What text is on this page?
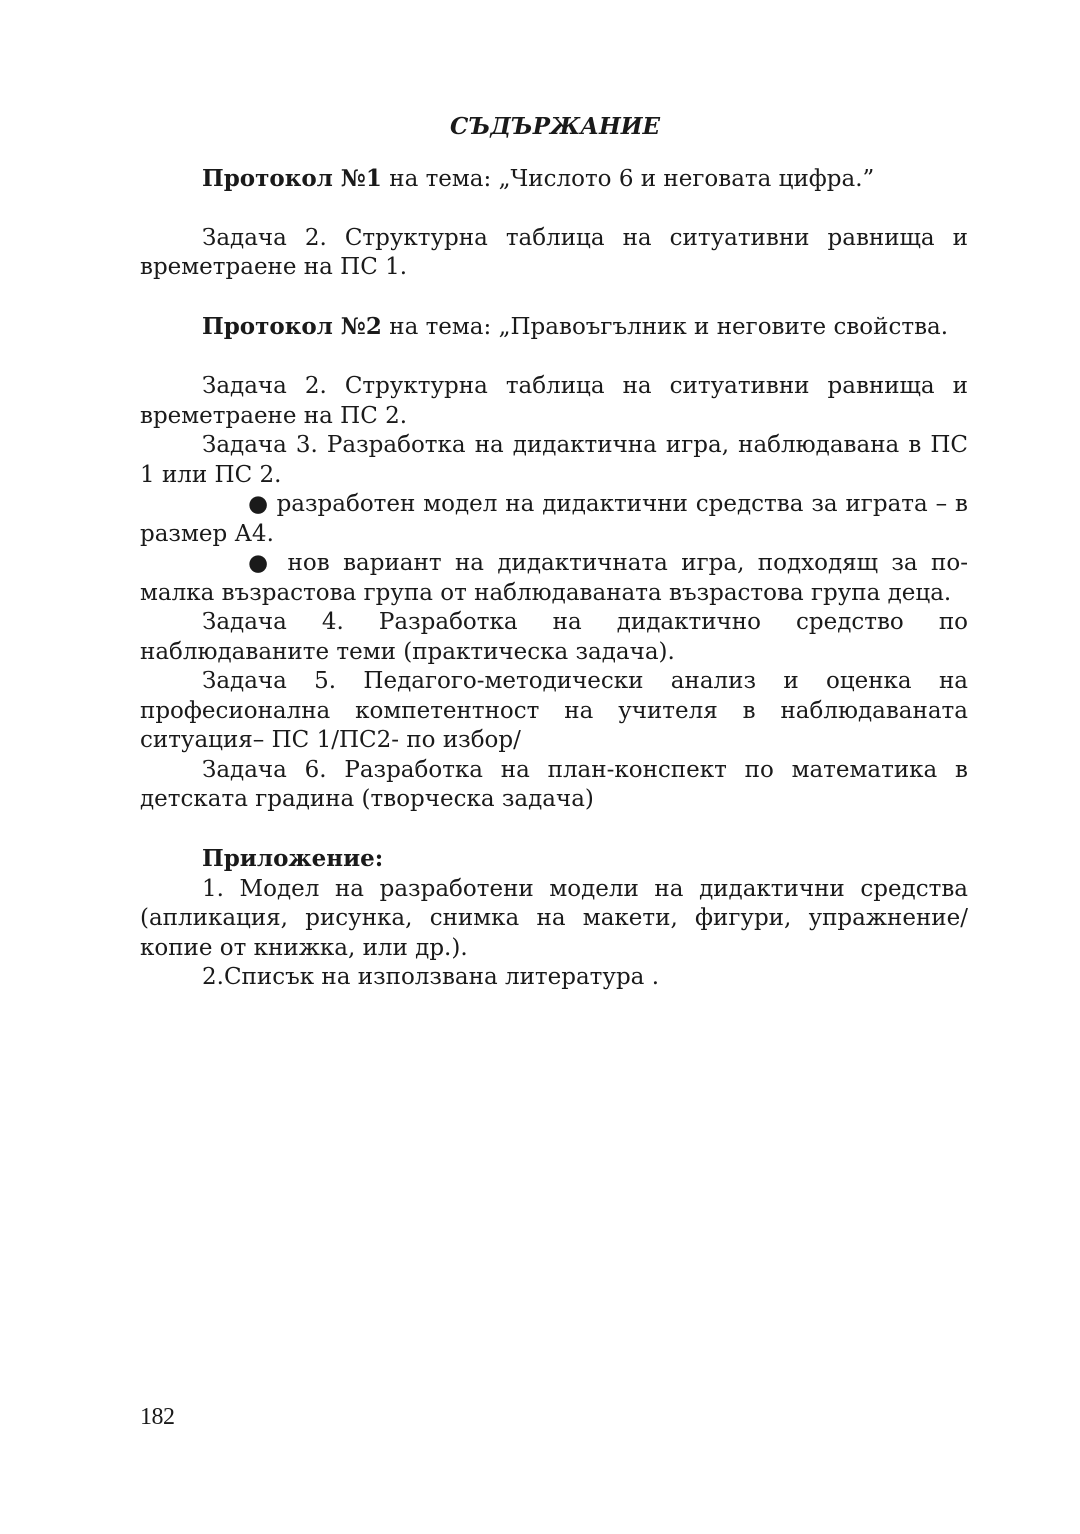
СЪДЪРЖАНИЕ

Протокол №1 на тема: „Числото 6 и неговата цифра.”

Задача 2. Структурна таблица на ситуативни равнища и времетраене на ПС 1.

Протокол №2 на тема: „Правоъгълник и неговите свойства.

Задача 2. Структурна таблица на ситуативни равнища и времетраене на ПС 2.

Задача 3. Разработка на дидактична игра, наблюдавана в ПС 1 или ПС 2.

● разработен модел на дидактични средства за играта – в размер А4.

● нов вариант на дидактичната игра, подходящ за по-малка възрастова група от наблюдаваната възрастова група деца.

Задача 4. Разработка на дидактично средство по наблюдаваните теми (практическа задача).

Задача 5. Педагого-методически анализ и оценка на професионална компетентност на учителя в наблюдаваната ситуация– ПС 1/ПС2- по избор/

Задача 6. Разработка на план-конспект по математика в детската градина (творческа задача)

Приложение:

1. Модел на разработени модели на дидактични средства (апликация, рисунка, снимка на макети, фигури, упражнение/ копие от книжка, или др.).

2.Списък на използвана литература .

182
